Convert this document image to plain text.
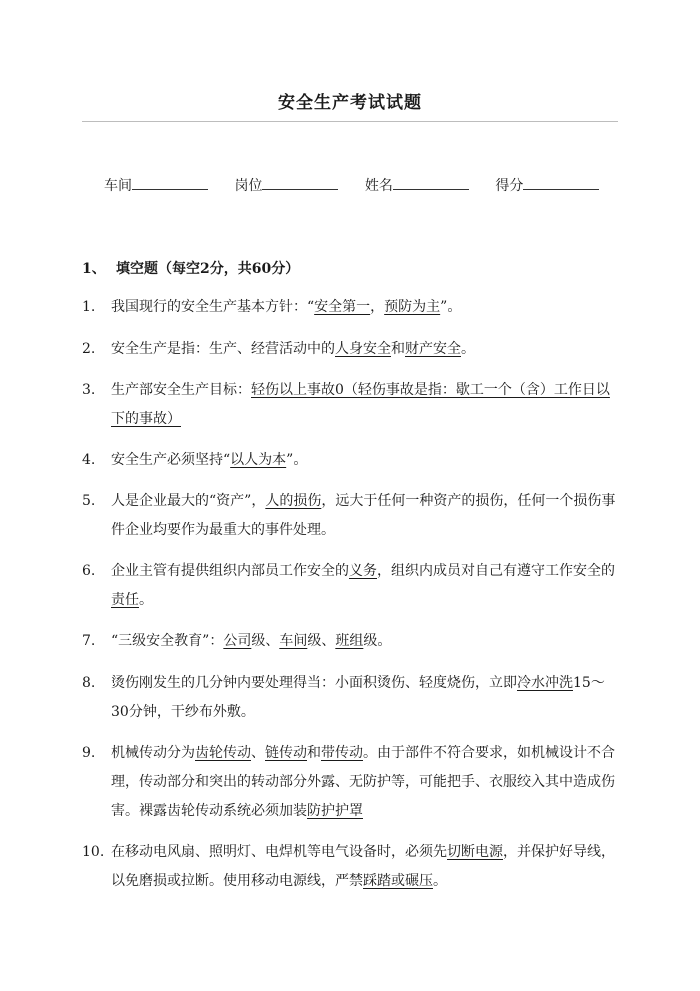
安全生产考试试题
车间	岗位	姓名	得分
1、 填空题（每空2分，共60分）
1. 我国现行的安全生产基本方针：“安全第一，预防为主”。
2. 安全生产是指：生产、经营活动中的人身安全和财产安全。
3. 生产部安全生产目标：轻伤以上事故0（轻伤事故是指：歇工一个（含）工作日以下的事故）
4. 安全生产必须坚持“以人为本”。
5. 人是企业最大的“资产”，人的损伤，远大于任何一种资产的损伤，任何一个损伤事件企业均要作为最重大的事件处理。
6. 企业主管有提供组织内部员工作安全的义务，组织内成员对自己有遵守工作安全的责任。
7. “三级安全教育”：公司级、车间级、班组级。
8. 烫伤刚发生的几分钟内要处理得当：小面积烫伤、轻度烧伤，立即冷水冲洗15～30分钟，干纱布外敷。
9. 机械传动分为齿轮传动、链传动和带传动。由于部件不符合要求，如机械设计不合理，传动部分和突出的转动部分外露、无防护等，可能把手、衣服绞入其中造成伤害。裸露齿轮传动系统必须加装防护护罩
10. 在移动电风扇、照明灯、电焊机等电气设备时，必须先切断电源，并保护好导线，以免磨损或拉断。使用移动电源线，严禁踩踏或碾压。
